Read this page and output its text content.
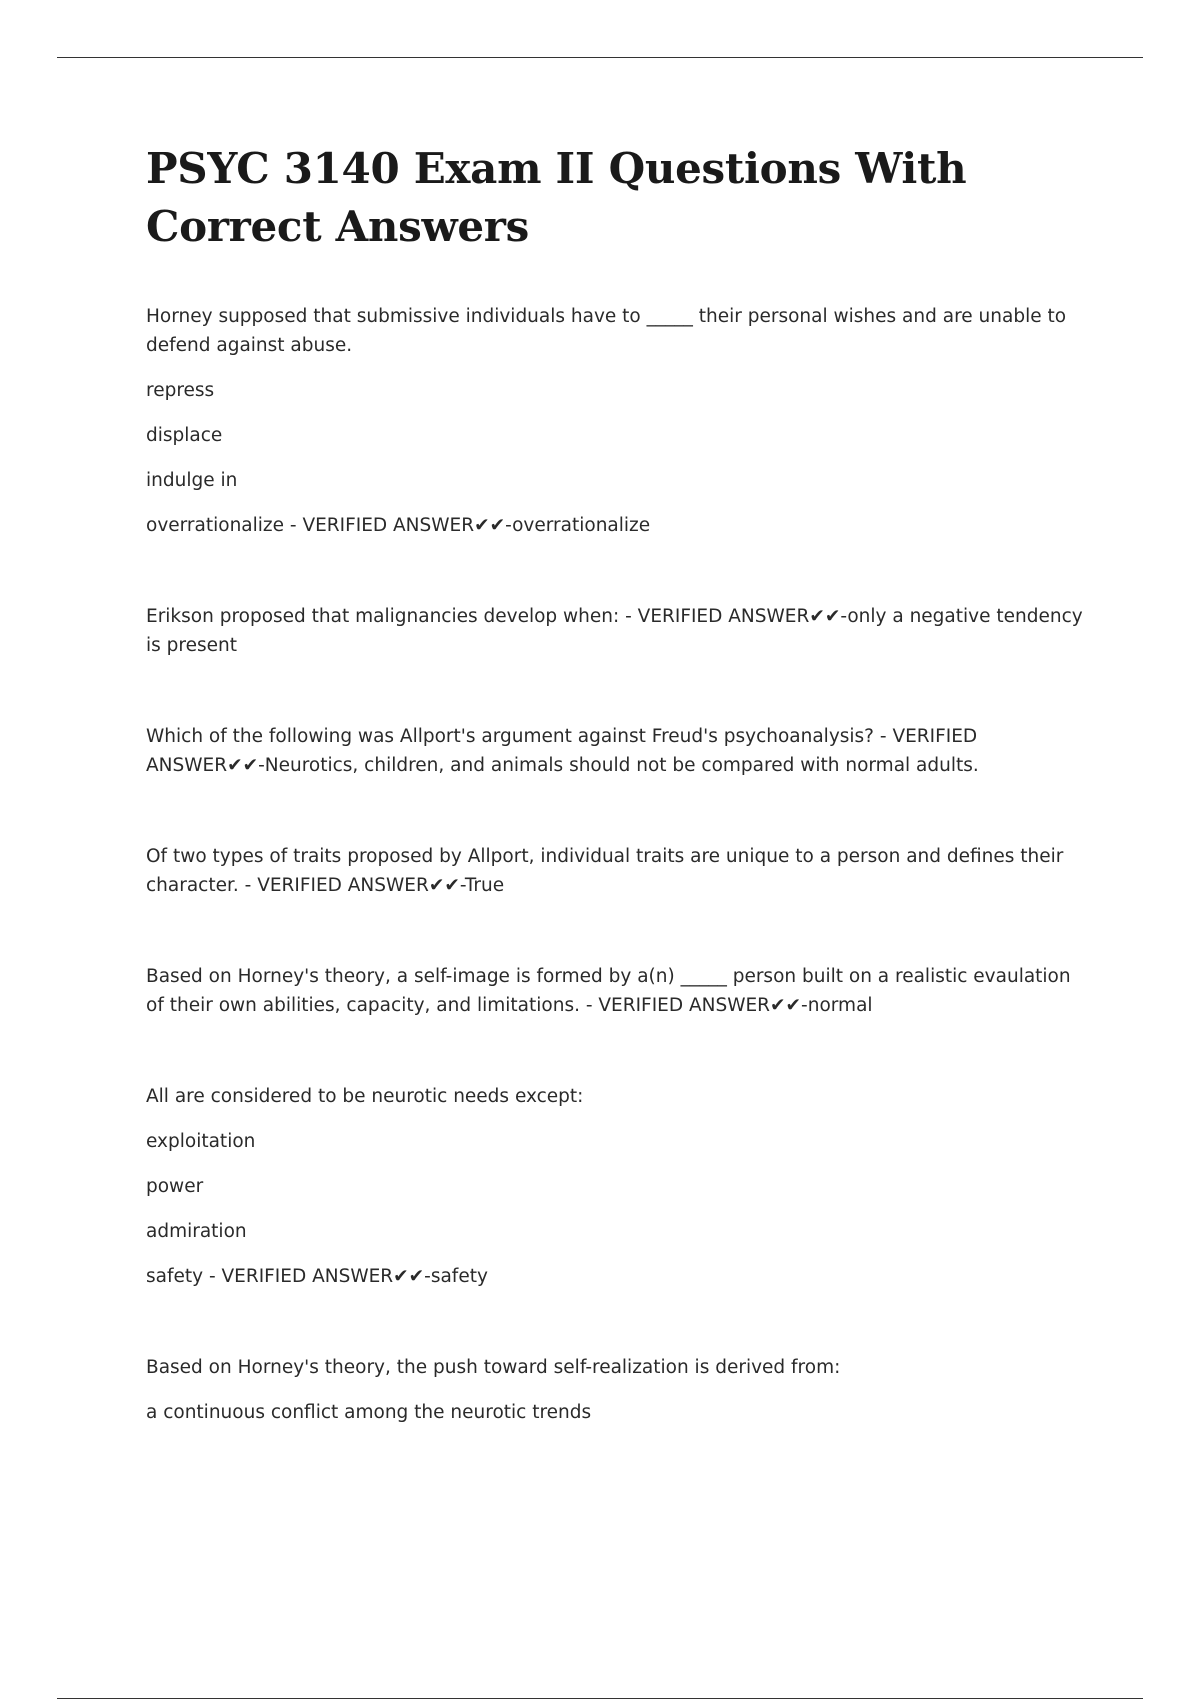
PSYC 3140 Exam II Questions With Correct Answers

Horney supposed that submissive individuals have to _____ their personal wishes and are unable to defend against abuse.

repress

displace

indulge in

overrationalize - VERIFIED ANSWER✔✔-overrationalize

Erikson proposed that malignancies develop when: - VERIFIED ANSWER✔✔-only a negative tendency is present

Which of the following was Allport's argument against Freud's psychoanalysis? - VERIFIED ANSWER✔✔-Neurotics, children, and animals should not be compared with normal adults.

Of two types of traits proposed by Allport, individual traits are unique to a person and defines their character. - VERIFIED ANSWER✔✔-True

Based on Horney's theory, a self-image is formed by a(n) _____ person built on a realistic evaulation of their own abilities, capacity, and limitations. - VERIFIED ANSWER✔✔-normal

All are considered to be neurotic needs except:

exploitation

power

admiration

safety - VERIFIED ANSWER✔✔-safety

Based on Horney's theory, the push toward self-realization is derived from:

a continuous conflict among the neurotic trends
